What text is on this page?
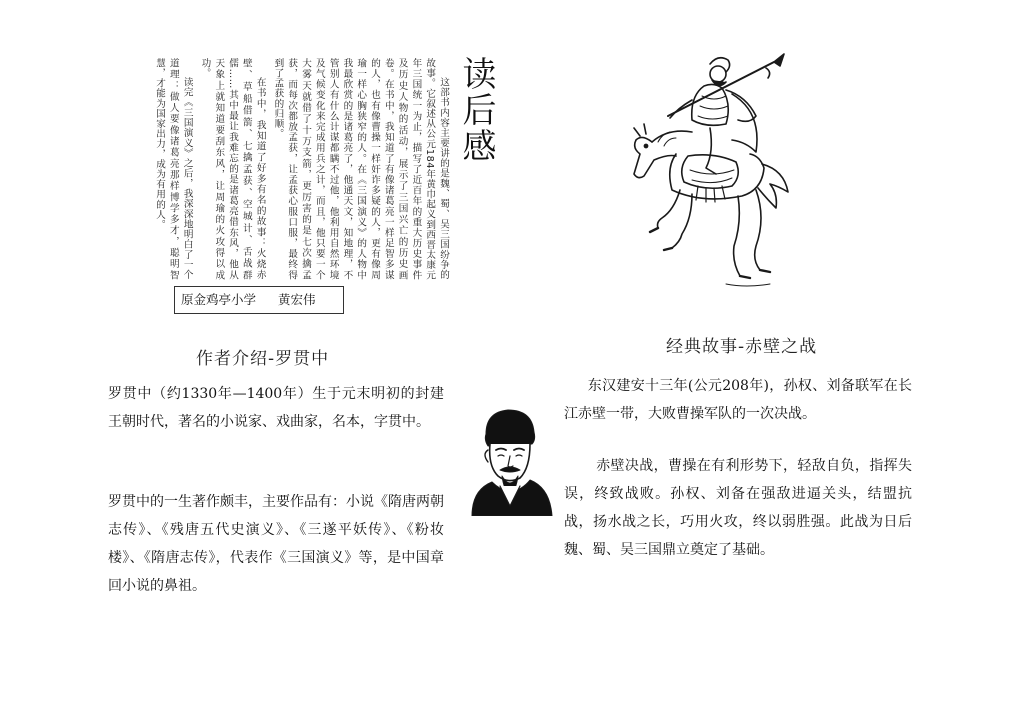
这部书内容主要讲的是魏、蜀、吴三国纷争的故事。它叙述从公元184年黄巾起义到西晋太康元年三国统一为止，描写了近百年的重大历史事件及历史人物的活动，展示了三国兴亡的历史画卷。在书中，我知道了有像诸葛亮一样足智多谋的人，也有像曹操一样奸诈多疑的人，更有像周瑜一样心胸狭窄的人。在《三国演义》的人物中我最欣赏的是诸葛亮了，他通天文，知地理，不管别人有什么计谋都瞒不过他，他利用自然环境及气候变化来完成用兵之计，而且，他只要一个大雾天就借了十万支箭，更厉害的是七次擒孟获，而每次都放孟获，让孟获心服口服，最终得到了孟获的归顺。

在书中，我知道了好多有名的故事：火烧赤壁、草船借箭、七擒孟获、空城计、舌战群儒……其中最让我难忘的是诸葛亮借东风，他从天象上就知道要刮东风，让周瑜的火攻得以成功。

读完《三国演义》之后，我深深地明白了一个道理：做人要像诸葛亮那样博学多才，聪明智慧，才能为国家出力，成为有用的人。	读后感
原金鸡亭小学 黄宏伟
作者介绍-罗贯中

罗贯中（约1330年—1400年）生于元末明初的封建王朝时代，著名的小说家、戏曲家，名本，字贯中。

罗贯中的一生著作颇丰，主要作品有：小说《隋唐两朝志传》、《残唐五代史演义》、《三遂平妖传》、《粉妆楼》、《隋唐志传》，代表作《三国演义》等，是中国章回小说的鼻祖。

经典故事-赤壁之战

东汉建安十三年(公元208年)，孙权、刘备联军在长江赤壁一带，大败曹操军队的一次决战。

赤壁决战，曹操在有利形势下，轻敌自负，指挥失误，终致战败。孙权、刘备在强敌进逼关头，结盟抗战，扬水战之长，巧用火攻，终以弱胜强。此战为日后魏、蜀、吴三国鼎立奠定了基础。
